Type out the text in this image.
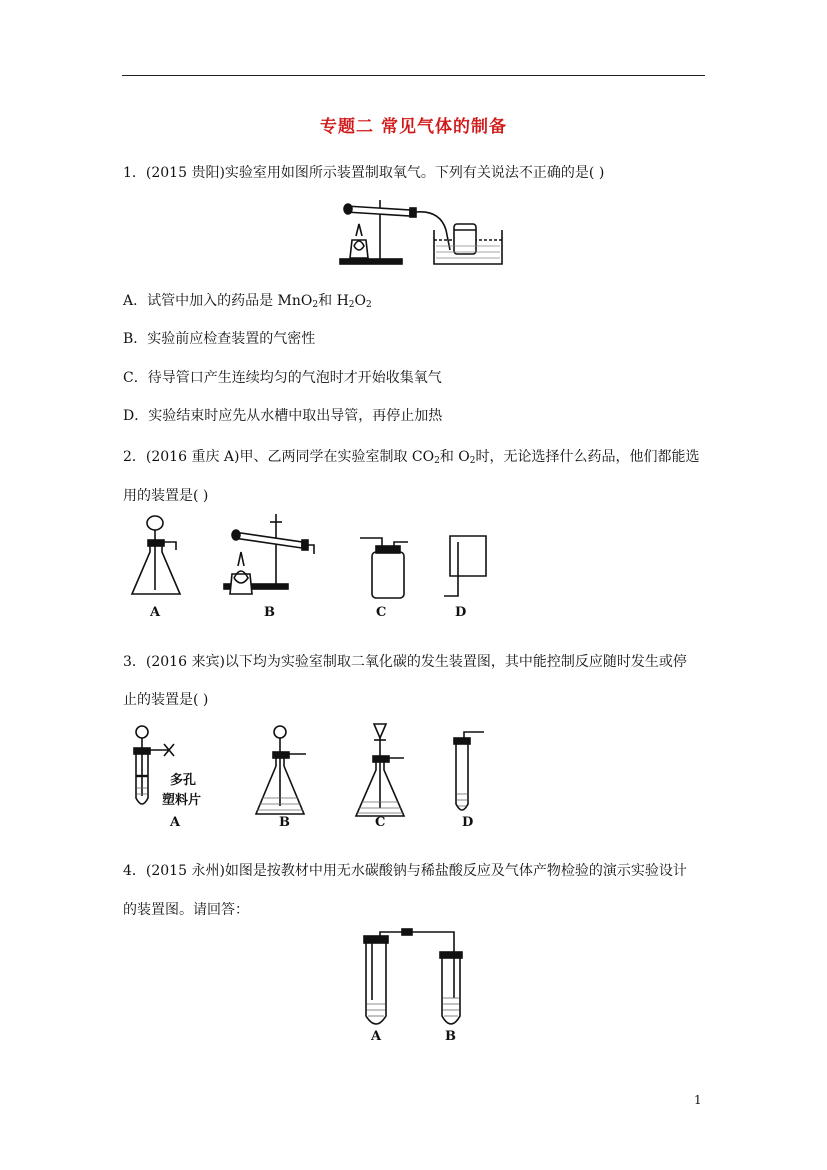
专题二 常见气体的制备
1．(2015 贵阳)实验室用如图所示装置制取氧气。下列有关说法不正确的是( )
A．试管中加入的药品是 MnO$_2$和 $H_2O_2$
B．实验前应检查装置的气密性
C．待导管口产生连续均匀的气泡时才开始收集氧气
D．实验结束时应先从水槽中取出导管，再停止加热
2．(2016 重庆 A)甲、乙两同学在实验室制取 $CO_2$和 $O_2$时，无论选择什么药品，他们都能选
用的装置是( )
A	B	C	D
3．(2016 来宾)以下均为实验室制取二氧化碳的发生装置图，其中能控制反应随时发生或停
止的装置是( )
多孔
塑料片
A	B	C	D
4．(2015 永州)如图是按教材中用无水碳酸钠与稀盐酸反应及气体产物检验的演示实验设计
的装置图。请回答：
A	B
1
